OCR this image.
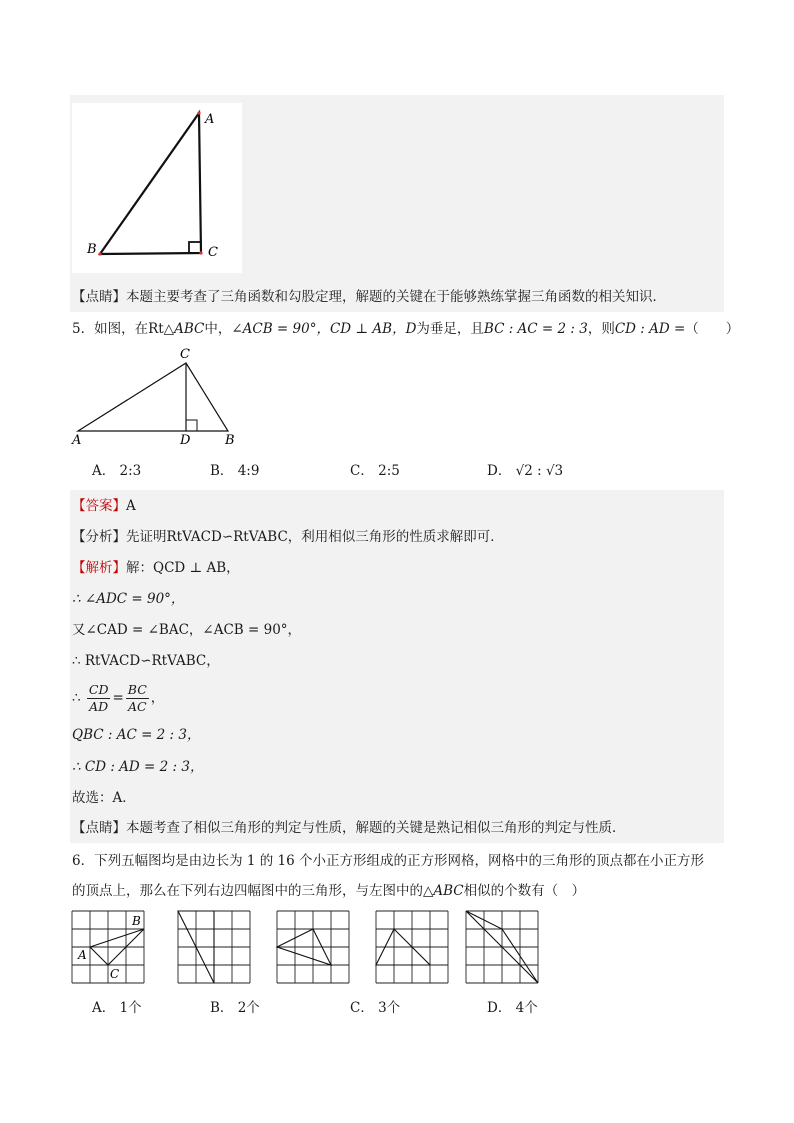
A
B	C
【点睛】本题主要考查了三角函数和勾股定理，解题的关键在于能够熟练掌握三角函数的相关知识．
5．如图，在Rt△ABC中，∠ACB = 90°，CD ⊥ AB，D为垂足，且BC : AC = 2 : 3，则CD : AD =（　　）
C
A	D	B
A． 2:3	B． 4:9	C． 2:5	D． √2 : √3
【答案】A
【分析】先证明RtVACD∽RtVABC，利用相似三角形的性质求解即可．
【解析】解：QCD ⊥ AB，
∴ ∠ADC = 90°，
又∠CAD = ∠BAC，∠ACB = 90°，
∴ RtVACD∽RtVABC，
∴ $\frac{CD}{AD} = \frac{BC}{AC}$ ，
QBC : AC = 2 : 3，
∴ CD : AD = 2 : 3，
故选：A．
【点睛】本题考查了相似三角形的判定与性质，解题的关键是熟记相似三角形的判定与性质．
6．下列五幅图均是由边长为 1 的 16 个小正方形组成的正方形网格，网格中的三角形的顶点都在小正方形
的顶点上，那么在下列右边四幅图中的三角形，与左图中的△ABC相似的个数有（　）
B
A
C
A． 1个	B． 2个	C． 3个	D． 4个
